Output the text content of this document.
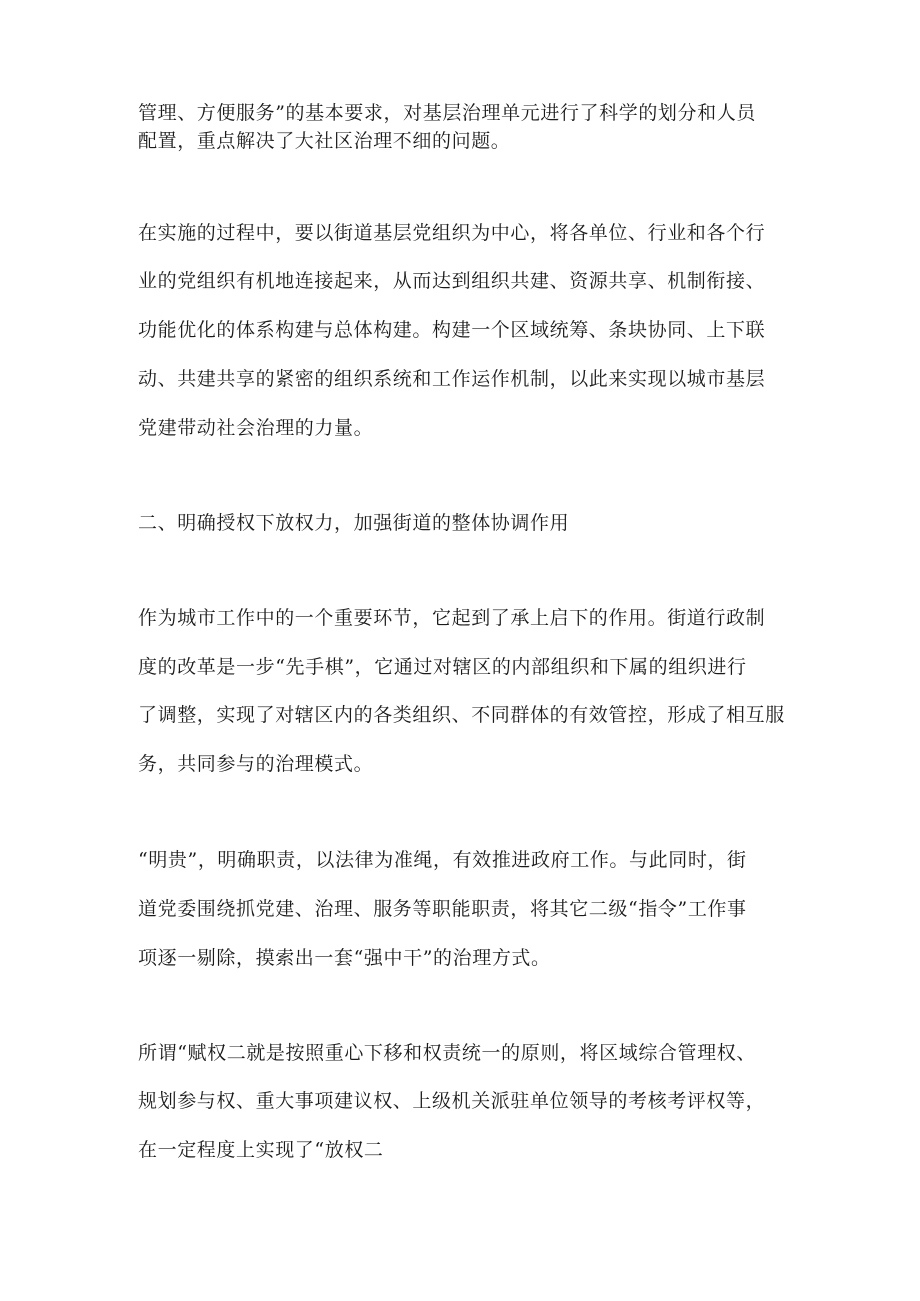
管理、方便服务”的基本要求，对基层治理单元进行了科学的划分和人员
配置，重点解决了大社区治理不细的问题。
在实施的过程中，要以街道基层党组织为中心，将各单位、行业和各个行
业的党组织有机地连接起来，从而达到组织共建、资源共享、机制衔接、
功能优化的体系构建与总体构建。构建一个区域统筹、条块协同、上下联
动、共建共享的紧密的组织系统和工作运作机制，以此来实现以城市基层
党建带动社会治理的力量。
二、明确授权下放权力，加强街道的整体协调作用
作为城市工作中的一个重要环节，它起到了承上启下的作用。街道行政制
度的改革是一步“先手棋”，它通过对辖区的内部组织和下属的组织进行
了调整，实现了对辖区内的各类组织、不同群体的有效管控，形成了相互服
务，共同参与的治理模式。
“明贵”，明确职责，以法律为准绳，有效推进政府工作。与此同时，街
道党委围绕抓党建、治理、服务等职能职责，将其它二级“指令”工作事
项逐一剔除，摸索出一套“强中干”的治理方式。
所谓“赋权二就是按照重心下移和权责统一的原则，将区域综合管理权、
规划参与权、重大事项建议权、上级机关派驻单位领导的考核考评权等，
在一定程度上实现了“放权二
